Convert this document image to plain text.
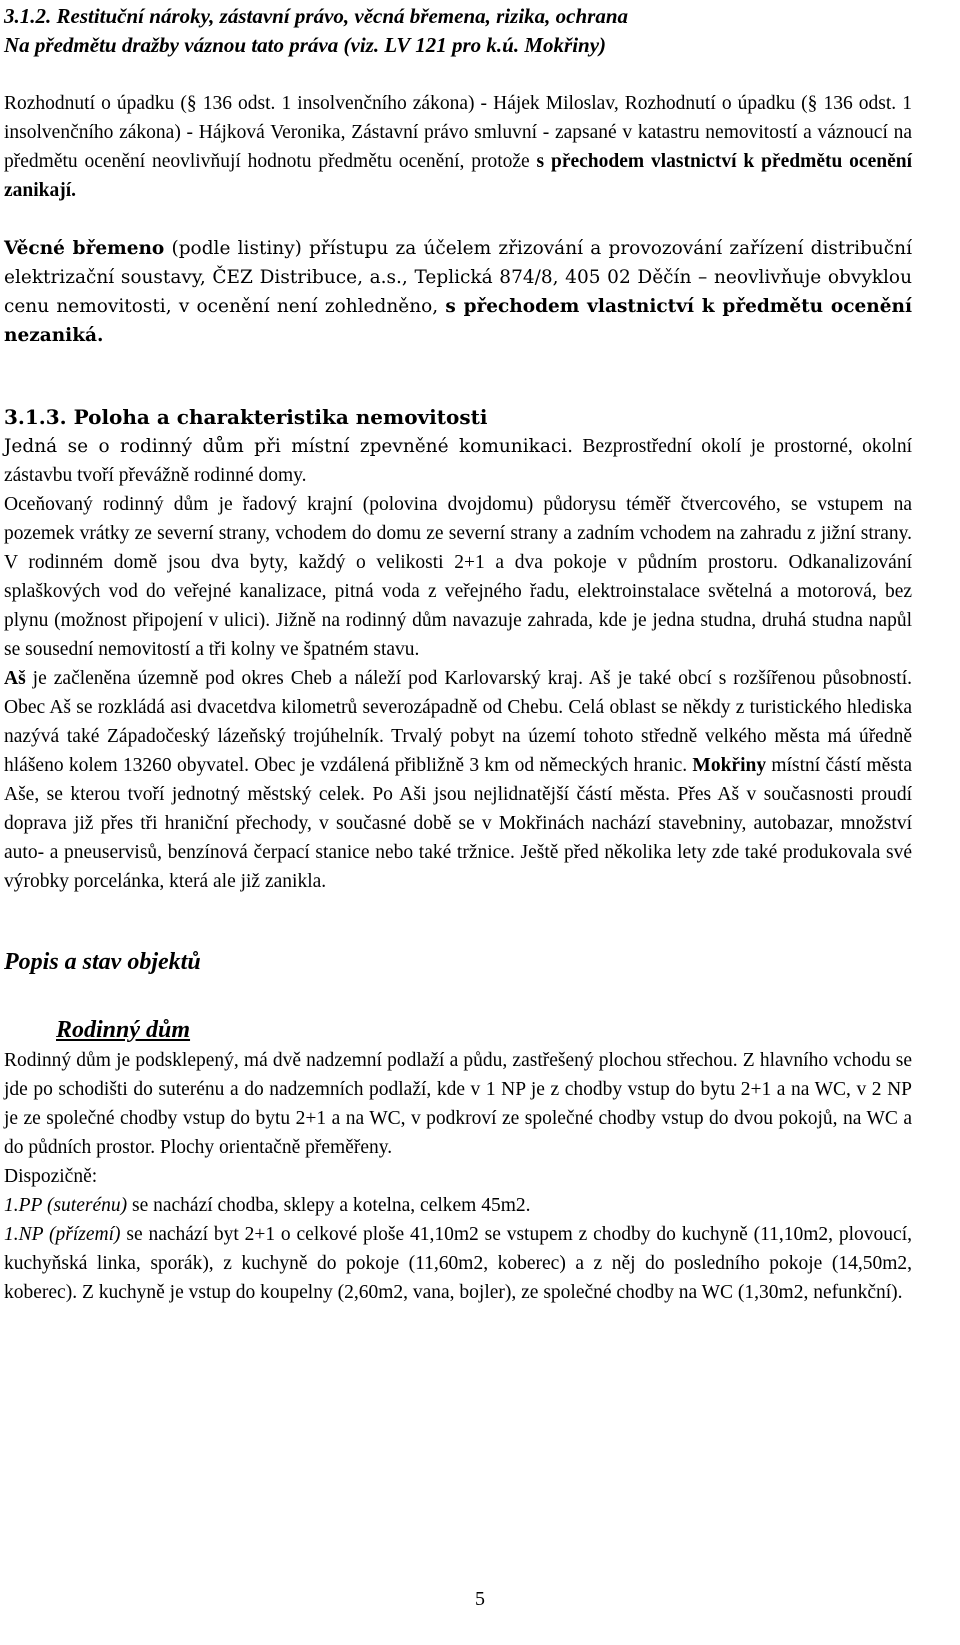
3.1.2. Restituční nároky, zástavní právo, věcná břemena, rizika, ochrana

Na předmětu dražby váznou tato práva (viz. LV 121 pro k.ú. Mokřiny)

Rozhodnutí o úpadku (§ 136 odst. 1 insolvenčního zákona) - Hájek Miloslav, Rozhodnutí o úpadku (§ 136 odst. 1 insolvenčního zákona) - Hájková Veronika, Zástavní právo smluvní - zapsané v katastru nemovitostí a váznoucí na předmětu ocenění neovlivňují hodnotu předmětu ocenění, protože s přechodem vlastnictví k předmětu ocenění zanikají.

Věcné břemeno (podle listiny) přístupu za účelem zřizování a provozování zařízení distribuční elektrizační soustavy, ČEZ Distribuce, a.s., Teplická 874/8, 405 02 Děčín – neovlivňuje obvyklou cenu nemovitosti, v ocenění není zohledněno, s přechodem vlastnictví k předmětu ocenění nezaniká.

3.1.3. Poloha a charakteristika nemovitosti

Jedná se o rodinný dům při místní zpevněné komunikaci. Bezprostřední okolí je prostorné, okolní zástavbu tvoří převážně rodinné domy.

Oceňovaný rodinný dům je řadový krajní (polovina dvojdomu) půdorysu téměř čtvercového, se vstupem na pozemek vrátky ze severní strany, vchodem do domu ze severní strany a zadním vchodem na zahradu z jižní strany. V rodinném domě jsou dva byty, každý o velikosti 2+1 a dva pokoje v půdním prostoru. Odkanalizování splaškových vod do veřejné kanalizace, pitná voda z veřejného řadu, elektroinstalace světelná a motorová, bez plynu (možnost připojení v ulici). Jižně na rodinný dům navazuje zahrada, kde je jedna studna, druhá studna napůl se sousední nemovitostí a tři kolny ve špatném stavu.

Aš je začleněna územně pod okres Cheb a náleží pod Karlovarský kraj. Aš je také obcí s rozšířenou působností. Obec Aš se rozkládá asi dvacetdva kilometrů severozápadně od Chebu. Celá oblast se někdy z turistického hlediska nazývá také Západočeský lázeňský trojúhelník. Trvalý pobyt na území tohoto středně velkého města má úředně hlášeno kolem 13260 obyvatel. Obec je vzdálená přibližně 3 km od německých hranic. Mokřiny místní částí města Aše, se kterou tvoří jednotný městský celek. Po Aši jsou nejlidnatější částí města. Přes Aš v současnosti proudí doprava již přes tři hraniční přechody, v současné době se v Mokřinách nachází stavebniny, autobazar, množství auto- a pneuservisů, benzínová čerpací stanice nebo také tržnice. Ještě před několika lety zde také produkovala své výrobky porcelánka, která ale již zanikla.

Popis a stav objektů

Rodinný dům

Rodinný dům je podsklepený, má dvě nadzemní podlaží a půdu, zastřešený plochou střechou. Z hlavního vchodu se jde po schodišti do suterénu a do nadzemních podlaží, kde v 1 NP je z chodby vstup do bytu 2+1 a na WC, v 2 NP je ze společné chodby vstup do bytu 2+1 a na WC, v podkroví ze společné chodby vstup do dvou pokojů, na WC a do půdních prostor. Plochy orientačně přeměřeny.

Dispozičně:

1.PP (suterénu) se nachází chodba, sklepy a kotelna, celkem 45m2.

1.NP (přízemí) se nachází byt 2+1 o celkové ploše 41,10m2 se vstupem z chodby do kuchyně (11,10m2, plovoucí, kuchyňská linka, sporák), z kuchyně do pokoje (11,60m2, koberec) a z něj do posledního pokoje (14,50m2, koberec). Z kuchyně je vstup do koupelny (2,60m2, vana, bojler), ze společné chodby na WC (1,30m2, nefunkční).

5
